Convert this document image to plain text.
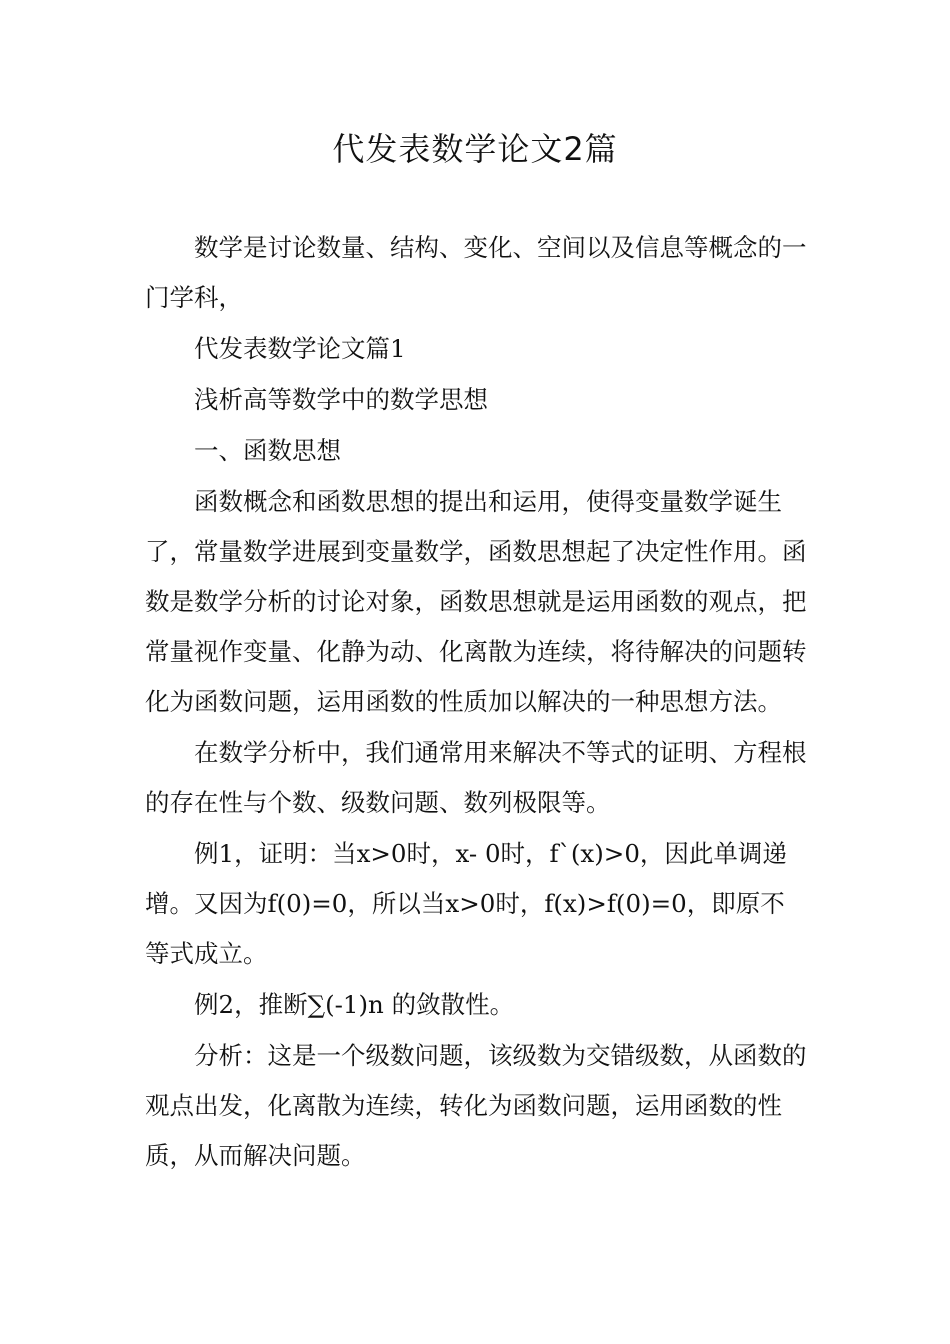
代发表数学论文2篇

数学是讨论数量、结构、变化、空间以及信息等概念的一门学科，

代发表数学论文篇1

浅析高等数学中的数学思想

一、函数思想

函数概念和函数思想的提出和运用，使得变量数学诞生了，常量数学进展到变量数学，函数思想起了决定性作用。函数是数学分析的讨论对象，函数思想就是运用函数的观点，把常量视作变量、化静为动、化离散为连续，将待解决的问题转化为函数问题，运用函数的性质加以解决的一种思想方法。

在数学分析中，我们通常用来解决不等式的证明、方程根的存在性与个数、级数问题、数列极限等。

例1，证明：当x>0时，x- 0时，f`(x)>0，因此单调递增。又因为f(0)=0，所以当x>0时，f(x)>f(0)=0，即原不等式成立。

例2，推断∑(-1)n 的敛散性。

分析：这是一个级数问题，该级数为交错级数，从函数的观点出发，化离散为连续，转化为函数问题，运用函数的性质，从而解决问题。
